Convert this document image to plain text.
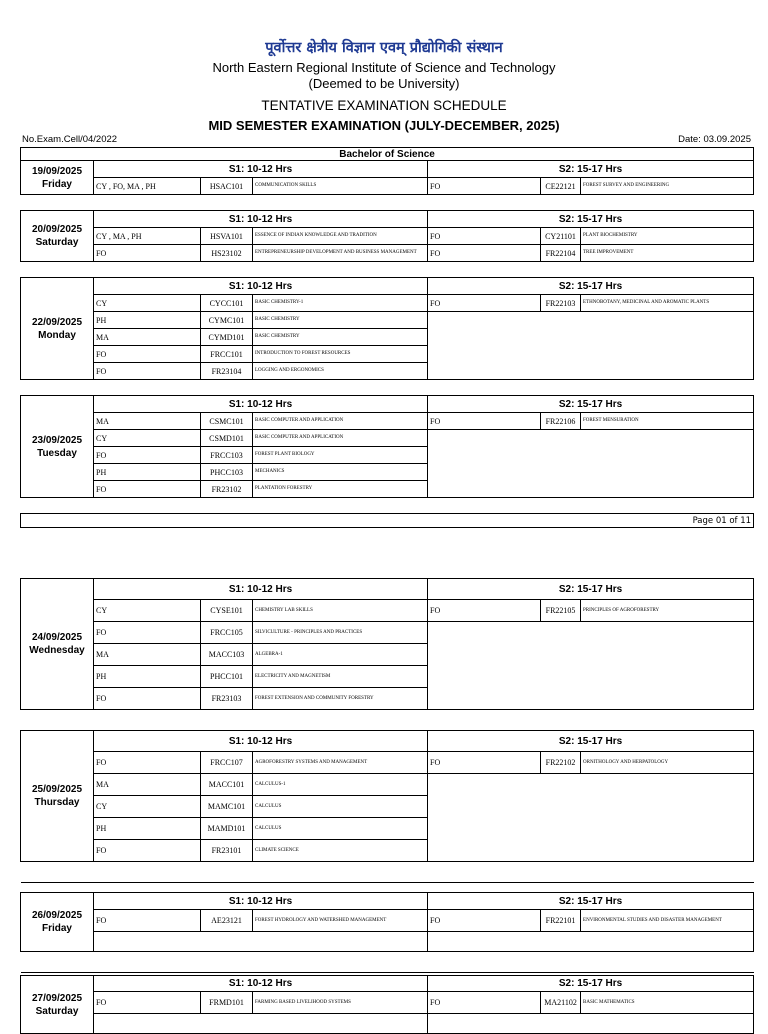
पूर्वोत्तर क्षेत्रीय विज्ञान एवम् प्रौद्योगिकी संस्थान
North Eastern Regional Institute of Science and Technology
(Deemed to be University)
TENTATIVE EXAMINATION SCHEDULE
MID SEMESTER EXAMINATION (JULY-DECEMBER, 2025)
No.Exam.Cell/04/2022	Date: 03.09.2025
Bachelor of Science						

19/09/2025
Friday	S1: 10-12 Hrs			S2: 15-17 Hrs		
	CY , FO, MA , PH	HSAC101	COMMUNICATION SKILLS	FO	CE22121	FOREST SURVEY AND ENGINEERING

20/09/2025
Saturday	S1: 10-12 Hrs			S2: 15-17 Hrs		
	CY , MA , PH	HSVA101	ESSENCE OF INDIAN KNOWLEDGE AND TRADITION	FO	CY21101	PLANT BIOCHEMISTRY
	FO	HS23102	ENTREPRENEURSHIP DEVELOPMENT AND BUSINESS MANAGEMENT	FO	FR22104	TREE IMPROVEMENT

22/09/2025
Monday	S1: 10-12 Hrs			S2: 15-17 Hrs		
	CY	CYCC101	BASIC CHEMISTRY-1	FO	FR22103	ETHNOBOTANY, MEDICINAL AND AROMATIC PLANTS
	PH	CYMC101	BASIC CHEMISTRY			
	MA	CYMD101	BASIC CHEMISTRY			
	FO	FRCC101	INTRODUCTION TO FOREST RESOURCES			
	FO	FR23104	LOGGING AND ERGONOMICS			

23/09/2025
Tuesday	S1: 10-12 Hrs			S2: 15-17 Hrs		
	MA	CSMC101	BASIC COMPUTER AND APPLICATION	FO	FR22106	FOREST MENSURATION
	CY	CSMD101	BASIC COMPUTER AND APPLICATION			
	FO	FRCC103	FOREST PLANT BIOLOGY			
	PH	PHCC103	MECHANICS			
	FO	FR23102	PLANTATION FORESTRY			

Page 01 of 11						
24/09/2025
Wednesday	S1: 10-12 Hrs			S2: 15-17 Hrs		
	CY	CYSE101	CHEMISTRY LAB SKILLS	FO	FR22105	PRINCIPLES OF AGROFORESTRY
	FO	FRCC105	SILVICULTURE - PRINCIPLES AND PRACTICES			
	MA	MACC103	ALGEBRA-1			
	PH	PHCC101	ELECTRICITY AND MAGNETISM			
	FO	FR23103	FOREST EXTENSION AND COMMUNITY FORESTRY			

25/09/2025
Thursday	S1: 10-12 Hrs			S2: 15-17 Hrs		
	FO	FRCC107	AGROFORESTRY SYSTEMS AND MANAGEMENT	FO	FR22102	ORNITHOLOGY AND HERPATOLOGY
	MA	MACC101	CALCULUS-1			
	CY	MAMC101	CALCULUS			
	PH	MAMD101	CALCULUS			
	FO	FR23101	CLIMATE SCIENCE			

26/09/2025
Friday	S1: 10-12 Hrs			S2: 15-17 Hrs		
	FO	AE23121	FOREST HYDROLOGY AND WATERSHED MANAGEMENT	FO	FR22101	ENVIRONMENTAL STUDIES AND DISASTER MANAGEMENT

27/09/2025
Saturday	S1: 10-12 Hrs			S2: 15-17 Hrs		
	FO	FRMD101	FARMING BASED LIVELIHOOD SYSTEMS	FO	MA21102	BASIC MATHEMATICS
